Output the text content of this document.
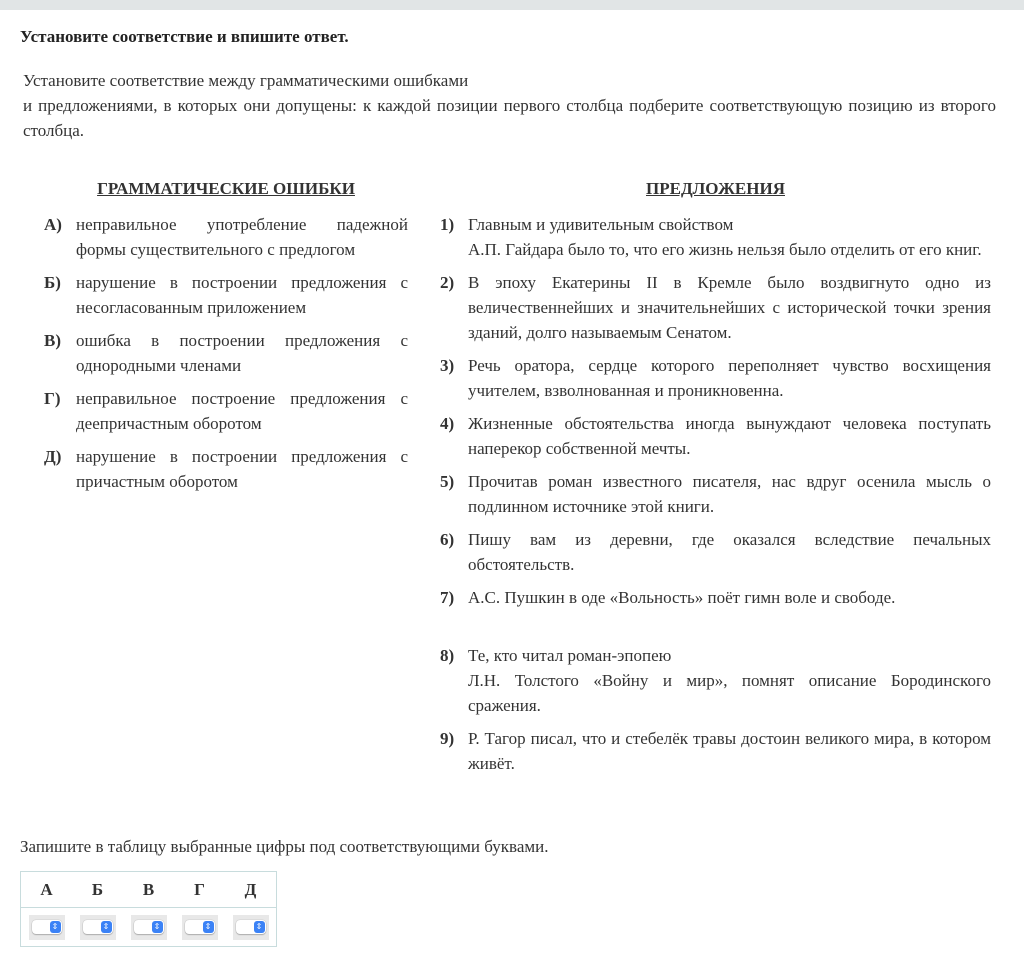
Установите соответствие и впишите ответ.

Установите соответствие между грамматическими ошибками
и предложениями, в которых они допущены: к каждой позиции первого столбца подберите соответствующую позицию из второго столбца.

ГРАММАТИЧЕСКИЕ ОШИБКИ
А) неправильное употребление падежной формы существительного с предлогом
Б) нарушение в построении предложения с несогласованным приложением
В) ошибка в построении предложения с однородными членами
Г) неправильное построение предложения с деепричастным оборотом
Д) нарушение в построении предложения с причастным оборотом
ПРЕДЛОЖЕНИЯ
1) Главным и удивительным свойством
А.П. Гайдара было то, что его жизнь нельзя было отделить от его книг.
2) В эпоху Екатерины II в Кремле было воздвигнуто одно из величественнейших и значительнейших с исторической точки зрения зданий, долго называемым Сенатом.
3) Речь оратора, сердце которого переполняет чувство восхищения учителем, взволнованная и проникновенна.
4) Жизненные обстоятельства иногда вынуждают человека поступать наперекор собственной мечты.
5) Прочитав роман известного писателя, нас вдруг осенила мысль о подлинном источнике этой книги.
6) Пишу вам из деревни, где оказался вследствие печальных обстоятельств.
7) А.С. Пушкин в оде «Вольность» поёт гимн воле и свободе.
8) Те, кто читал роман-эпопею
Л.Н. Толстого «Войну и мир», помнят описание Бородинского сражения.
9) Р. Тагор писал, что и стебелёк травы достоин великого мира, в котором живёт.

Запишите в таблицу выбранные цифры под соответствующими буквами.

А	Б	В	Г	Д

⇕	⇕	⇕	⇕	⇕
